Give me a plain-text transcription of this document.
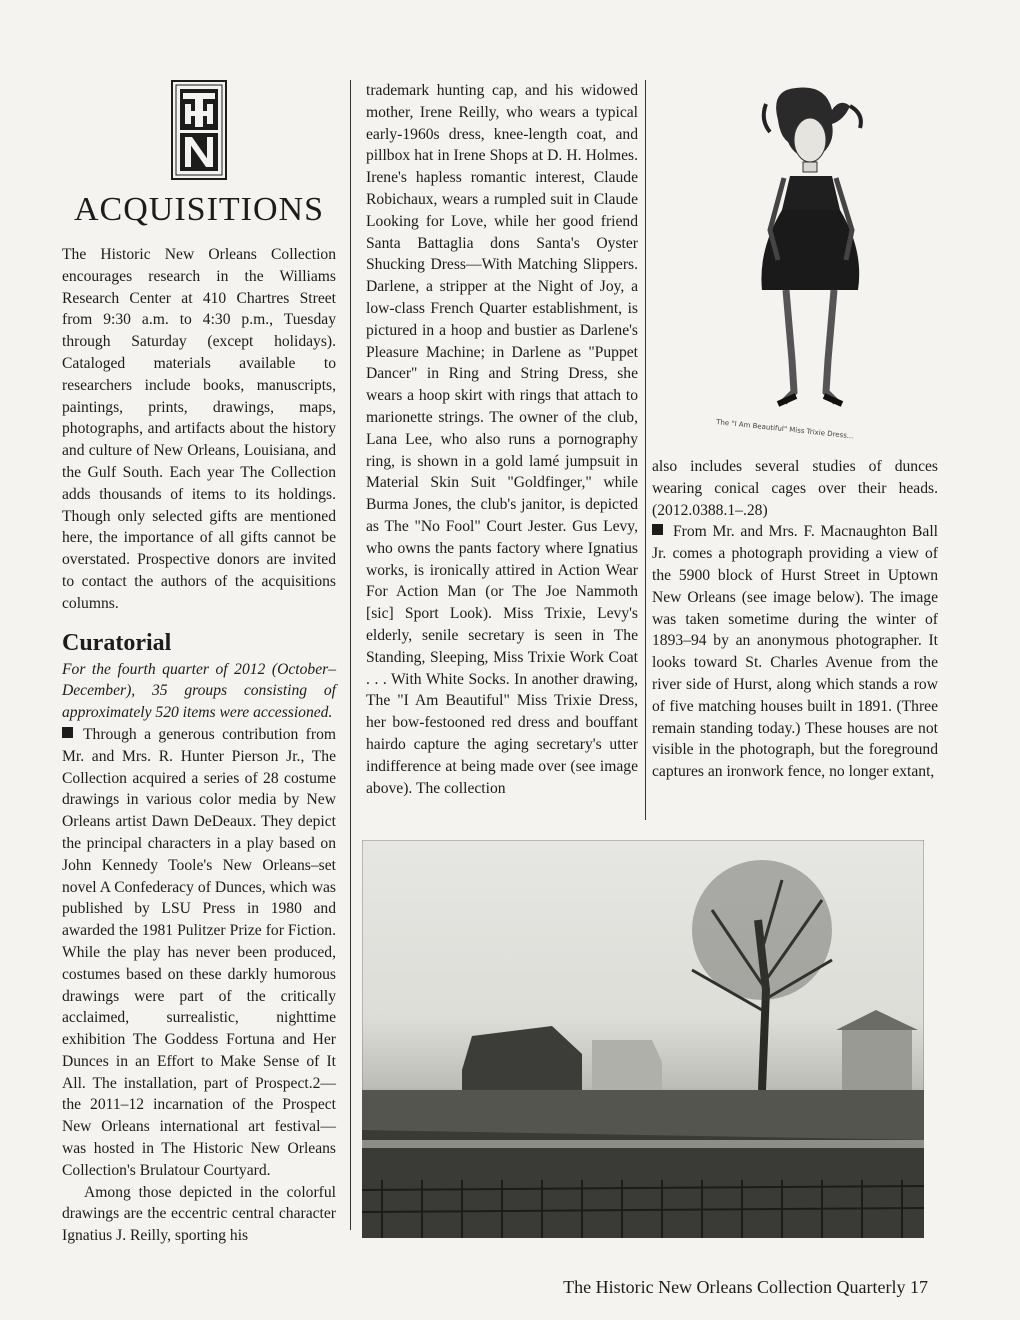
ACQUISITIONS

The Historic New Orleans Collection encourages research in the Williams Research Center at 410 Chartres Street from 9:30 a.m. to 4:30 p.m., Tuesday through Saturday (except holidays). Cataloged materials available to researchers include books, manuscripts, paintings, prints, drawings, maps, photographs, and artifacts about the history and culture of New Orleans, Louisiana, and the Gulf South. Each year The Collection adds thousands of items to its holdings. Though only selected gifts are mentioned here, the importance of all gifts cannot be overstated. Prospective donors are invited to contact the authors of the acquisitions columns.

Curatorial

For the fourth quarter of 2012 (October–December), 35 groups consisting of approximately 520 items were accessioned.

Through a generous contribution from Mr. and Mrs. R. Hunter Pierson Jr., The Collection acquired a series of 28 costume drawings in various color media by New Orleans artist Dawn DeDeaux. They depict the principal characters in a play based on John Kennedy Toole's New Orleans–set novel A Confederacy of Dunces, which was published by LSU Press in 1980 and awarded the 1981 Pulitzer Prize for Fiction. While the play has never been produced, costumes based on these darkly humorous drawings were part of the critically acclaimed, surrealistic, nighttime exhibition The Goddess Fortuna and Her Dunces in an Effort to Make Sense of It All. The installation, part of Prospect.2—the 2011–12 incarnation of the Prospect New Orleans international art festival—was hosted in The Historic New Orleans Collection's Brulatour Courtyard.

Among those depicted in the colorful drawings are the eccentric central character Ignatius J. Reilly, sporting his

trademark hunting cap, and his widowed mother, Irene Reilly, who wears a typical early-1960s dress, knee-length coat, and pillbox hat in Irene Shops at D. H. Holmes. Irene's hapless romantic interest, Claude Robichaux, wears a rumpled suit in Claude Looking for Love, while her good friend Santa Battaglia dons Santa's Oyster Shucking Dress—With Matching Slippers. Darlene, a stripper at the Night of Joy, a low-class French Quarter establishment, is pictured in a hoop and bustier as Darlene's Pleasure Machine; in Darlene as "Puppet Dancer" in Ring and String Dress, she wears a hoop skirt with rings that attach to marionette strings. The owner of the club, Lana Lee, who also runs a pornography ring, is shown in a gold lamé jumpsuit in Material Skin Suit "Goldfinger," while Burma Jones, the club's janitor, is depicted as The "No Fool" Court Jester. Gus Levy, who owns the pants factory where Ignatius works, is ironically attired in Action Wear For Action Man (or The Joe Nammoth [sic] Sport Look). Miss Trixie, Levy's elderly, senile secretary is seen in The Standing, Sleeping, Miss Trixie Work Coat . . . With White Socks. In another drawing, The "I Am Beautiful" Miss Trixie Dress, her bow-festooned red dress and bouffant hairdo capture the aging secretary's utter indifference at being made over (see image above). The collection

The "I Am Beautiful" Miss Trixie Dress...

also includes several studies of dunces wearing conical cages over their heads. (2012.0388.1–.28)

From Mr. and Mrs. F. Macnaughton Ball Jr. comes a photograph providing a view of the 5900 block of Hurst Street in Uptown New Orleans (see image below). The image was taken sometime during the winter of 1893–94 by an anonymous photographer. It looks toward St. Charles Avenue from the river side of Hurst, along which stands a row of five matching houses built in 1891. (Three remain standing today.) These houses are not visible in the photograph, but the foreground captures an ironwork fence, no longer extant,

The Historic New Orleans Collection Quarterly 17
